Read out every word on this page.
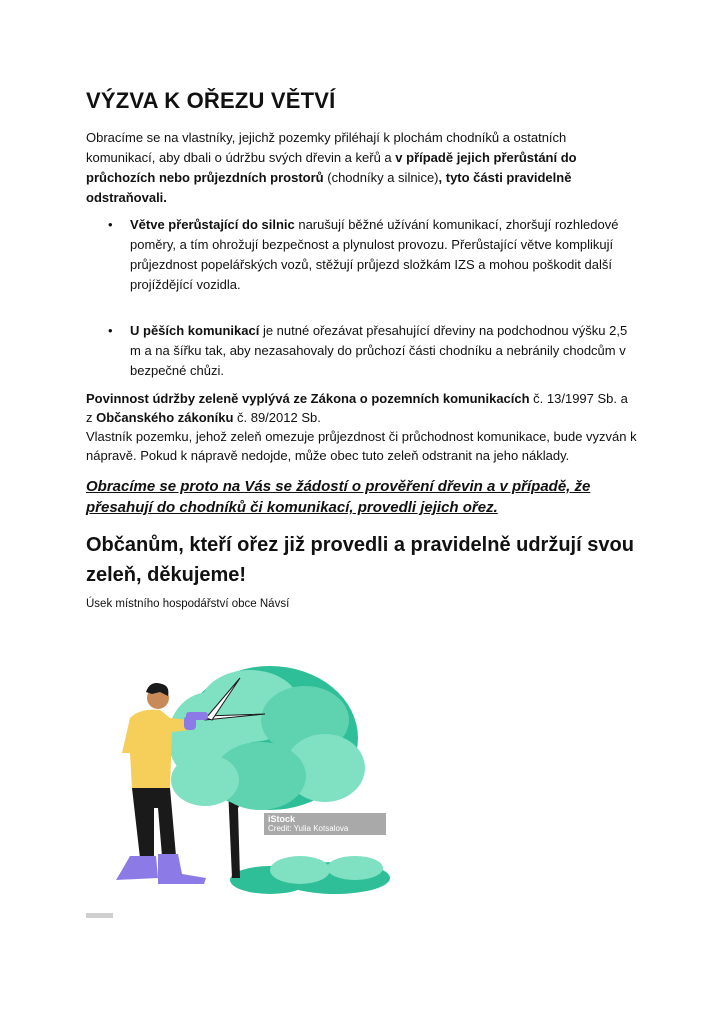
VÝZVA K OŘEZU VĚTVÍ

Obracíme se na vlastníky, jejichž pozemky přiléhají k plochám chodníků a ostatních komunikací, aby dbali o údržbu svých dřevin a keřů a v případě jejich přerůstání do průchozích nebo průjezdních prostorů (chodníky a silnice), tyto části pravidelně odstraňovali.

•	Větve přerůstající do silnic narušují běžné užívání komunikací, zhoršují rozhledové poměry, a tím ohrožují bezpečnost a plynulost provozu. Přerůstající větve komplikují průjezdnost popelářských vozů, stěžují průjezd složkám IZS a mohou poškodit další projíždějící vozidla.
•	U pěších komunikací je nutné ořezávat přesahující dřeviny na podchodnou výšku 2,5 m a na šířku tak, aby nezasahovaly do průchozí části chodníku a nebránily chodcům v bezpečné chůzi.

Povinnost údržby zeleně vyplývá ze Zákona o pozemních komunikacích č. 13/1997 Sb. a
z Občanského zákoníku č. 89/2012 Sb.
Vlastník pozemku, jehož zeleň omezuje průjezdnost či průchodnost komunikace, bude vyzván k nápravě. Pokud k nápravě nedojde, může obec tuto zeleň odstranit na jeho náklady.

Obracíme se proto na Vás se žádostí o prověření dřevin a v případě, že přesahují do chodníků či komunikací, provedli jejich ořez.

Občanům, kteří ořez již provedli a pravidelně udržují svou zeleň, děkujeme!

Úsek místního hospodářství obce Návsí

iStock
Credit: Yulia Kotsalova
